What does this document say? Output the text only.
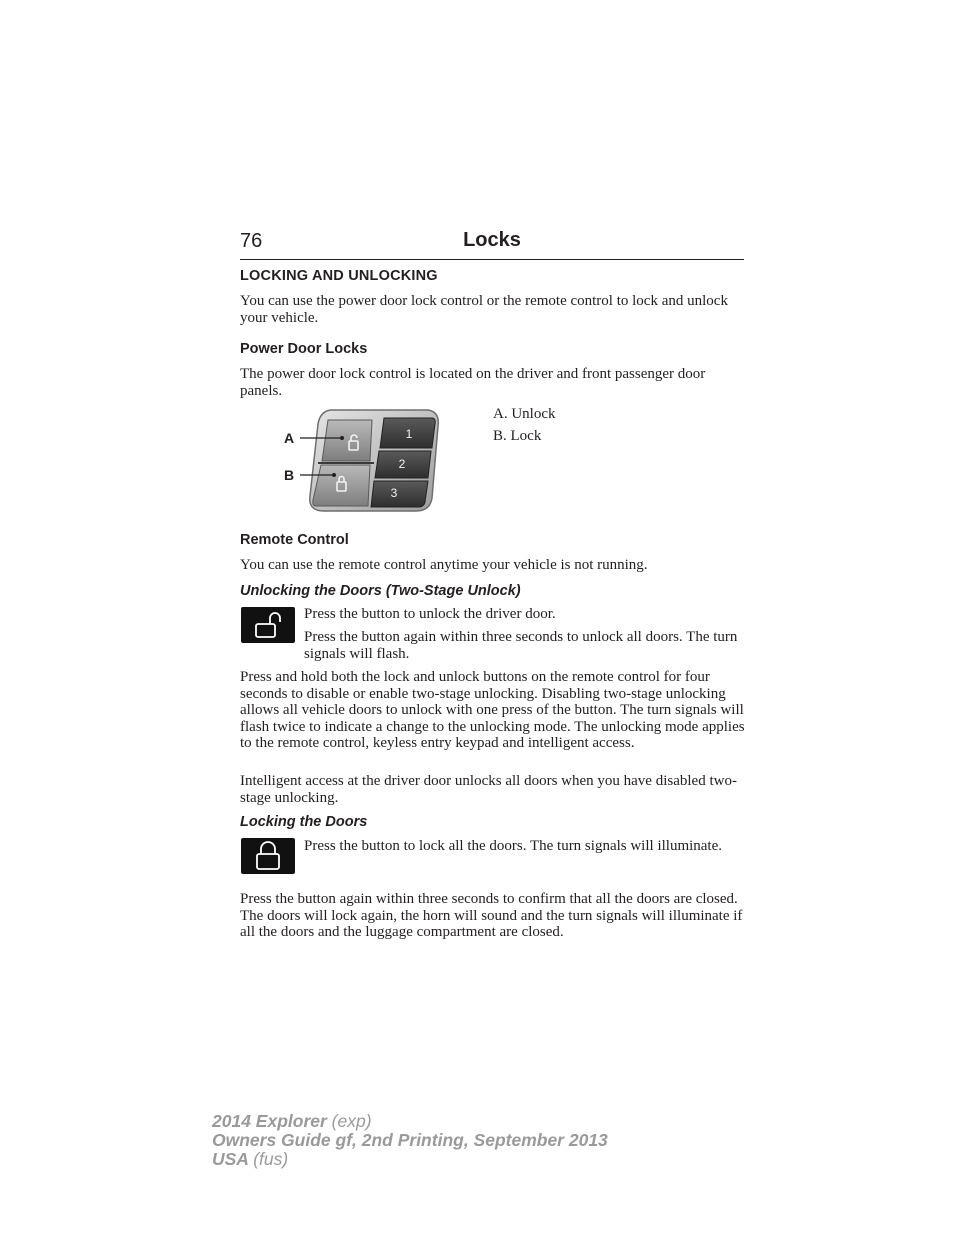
76	Locks
LOCKING AND UNLOCKING
You can use the power door lock control or the remote control to lock and unlock your vehicle.
Power Door Locks
The power door lock control is located on the driver and front passenger door panels.
1
2
3
A
B
A. Unlock
B. Lock
Remote Control
You can use the remote control anytime your vehicle is not running.
Unlocking the Doors (Two-Stage Unlock)
Press the button to unlock the driver door.
Press the button again within three seconds to unlock all doors. The turn signals will flash.
Press and hold both the lock and unlock buttons on the remote control for four seconds to disable or enable two-stage unlocking. Disabling two-stage unlocking allows all vehicle doors to unlock with one press of the button. The turn signals will flash twice to indicate a change to the unlocking mode. The unlocking mode applies to the remote control, keyless entry keypad and intelligent access.
Intelligent access at the driver door unlocks all doors when you have disabled two-stage unlocking.
Locking the Doors
Press the button to lock all the doors. The turn signals will illuminate.
Press the button again within three seconds to confirm that all the doors are closed. The doors will lock again, the horn will sound and the turn signals will illuminate if all the doors and the luggage compartment are closed.
2014 Explorer (exp)
Owners Guide gf, 2nd Printing, September 2013
USA (fus)
